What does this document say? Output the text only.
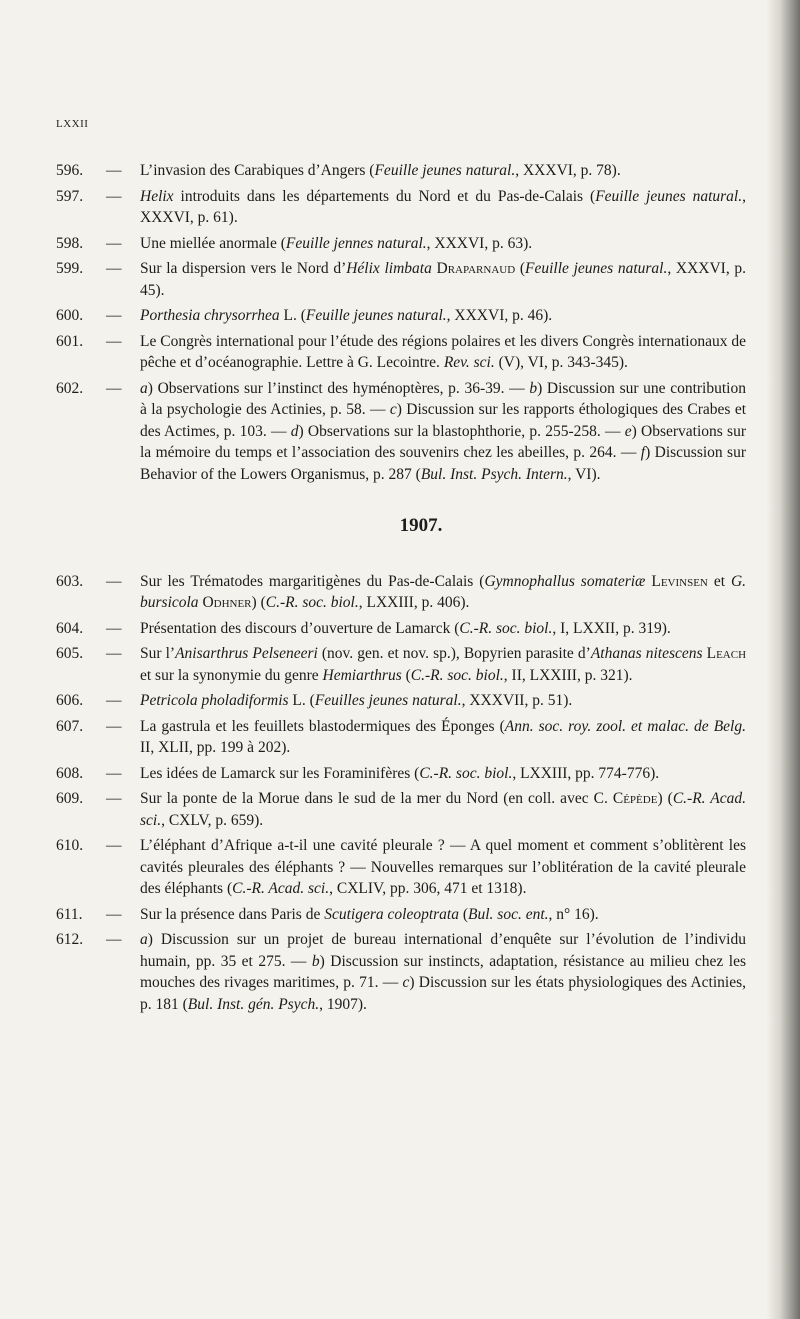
LXXII
596.	— L’invasion des Carabiques d’Angers (Feuille jeunes natural., XXXVI, p. 78).
597.	— Helix introduits dans les départements du Nord et du Pas-de-Calais (Feuille jeunes natural., XXXVI, p. 61).
598.	— Une miellée anormale (Feuille jennes natural., XXXVI, p. 63).
599.	— Sur la dispersion vers le Nord d’Hélix limbata Draparnaud (Feuille jeunes natural., XXXVI, p. 45).
600.	— Porthesia chrysorrhea L. (Feuille jeunes natural., XXXVI, p. 46).
601.	— Le Congrès international pour l’étude des régions polaires et les divers Congrès internationaux de pêche et d’océanographie. Lettre à G. Lecointre. Rev. sci. (V), VI, p. 343-345).
602.	— a) Observations sur l’instinct des hyménoptères, p. 36-39. — b) Discussion sur une contribution à la psychologie des Actinies, p. 58. — c) Discussion sur les rapports éthologiques des Crabes et des Actimes, p. 103. — d) Observations sur la blastophthorie, p. 255-258. — e) Observations sur la mémoire du temps et l’association des souvenirs chez les abeilles, p. 264. — f) Discussion sur Behavior of the Lowers Organismus, p. 287 (Bul. Inst. Psych. Intern., VI).
1907.
603.	— Sur les Trématodes margaritigènes du Pas-de-Calais (Gymnophallus somateriæ Levinsen et G. bursicola Odhner) (C.-R. soc. biol., LXXIII, p. 406).
604.	— Présentation des discours d’ouverture de Lamarck (C.-R. soc. biol., I, LXXII, p. 319).
605.	— Sur l’Anisarthrus Pelseneeri (nov. gen. et nov. sp.), Bopyrien parasite d’Athanas nitescens Leach et sur la synonymie du genre Hemiarthrus (C.-R. soc. biol., II, LXXIII, p. 321).
606.	— Petricola pholadiformis L. (Feuilles jeunes natural., XXXVII, p. 51).
607.	— La gastrula et les feuillets blastodermiques des Éponges (Ann. soc. roy. zool. et malac. de Belg. II, XLII, pp. 199 à 202).
608.	— Les idées de Lamarck sur les Foraminifères (C.-R. soc. biol., LXXIII, pp. 774-776).
609.	— Sur la ponte de la Morue dans le sud de la mer du Nord (en coll. avec C. Cépède) (C.-R. Acad. sci., CXLV, p. 659).
610.	— L’éléphant d’Afrique a-t-il une cavité pleurale ? — A quel moment et comment s’oblitèrent les cavités pleurales des éléphants ? — Nouvelles remarques sur l’oblitération de la cavité pleurale des éléphants (C.-R. Acad. sci., CXLIV, pp. 306, 471 et 1318).
611.	— Sur la présence dans Paris de Scutigera coleoptrata (Bul. soc. ent., n° 16).
612.	— a) Discussion sur un projet de bureau international d’enquête sur l’évolution de l’individu humain, pp. 35 et 275. — b) Discussion sur instincts, adaptation, résistance au milieu chez les mouches des rivages maritimes, p. 71. — c) Discussion sur les états physiologiques des Actinies, p. 181 (Bul. Inst. gén. Psych., 1907).
